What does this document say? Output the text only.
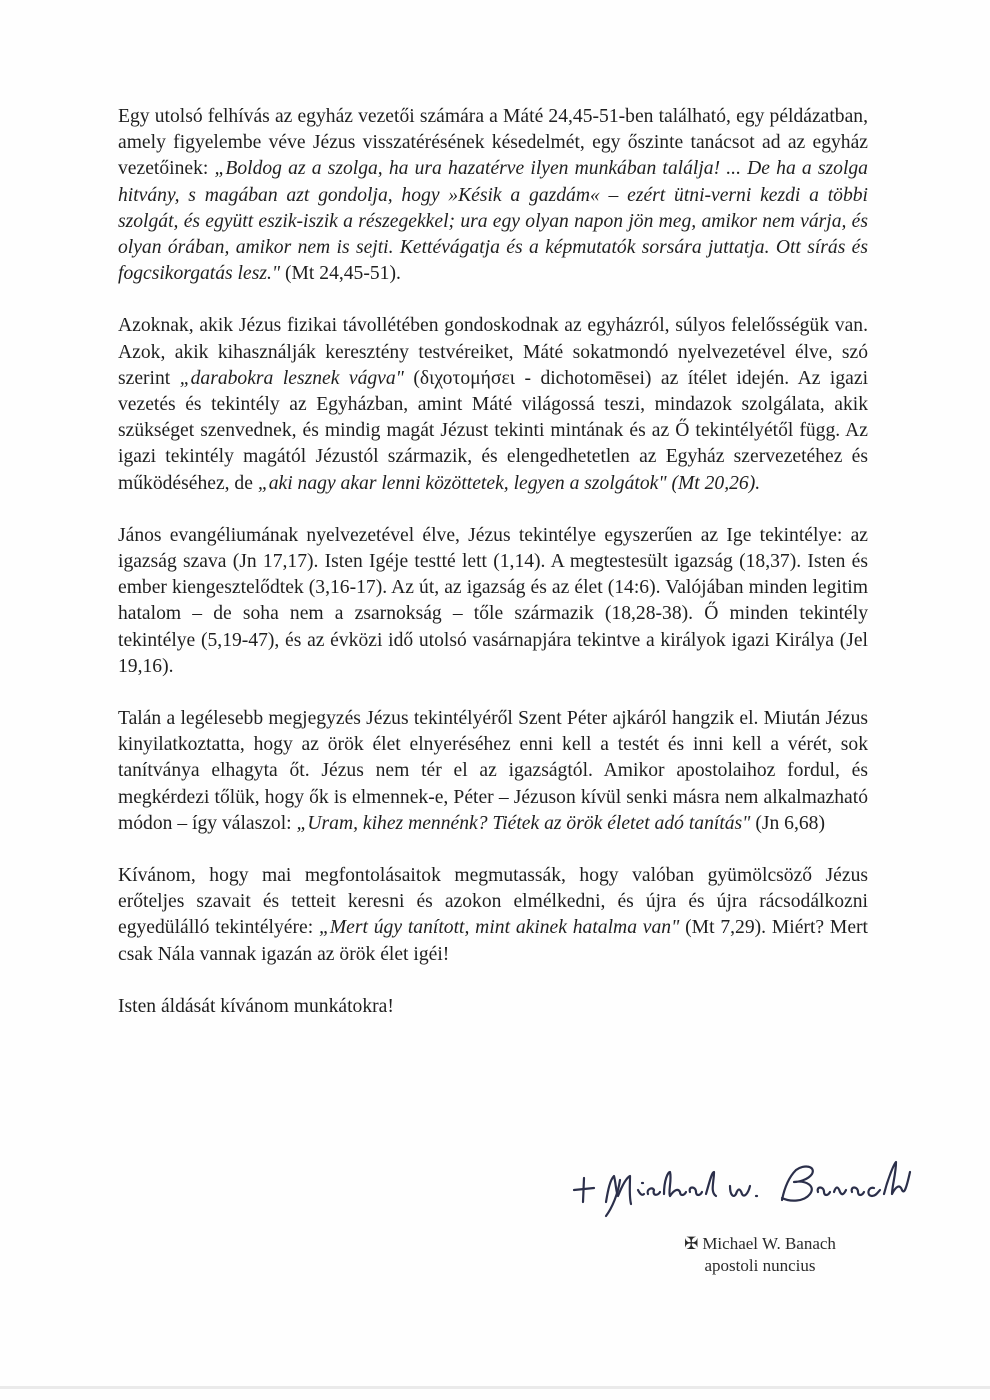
Egy utolsó felhívás az egyház vezetői számára a Máté 24,45-51-ben található, egy példázatban, amely figyelembe véve Jézus visszatérésének késedelmét, egy őszinte tanácsot ad az egyház vezetőinek: „Boldog az a szolga, ha ura hazatérve ilyen munkában találja! ... De ha a szolga hitvány, s magában azt gondolja, hogy »Késik a gazdám« – ezért ütni-verni kezdi a többi szolgát, és együtt eszik-iszik a részegekkel; ura egy olyan napon jön meg, amikor nem várja, és olyan órában, amikor nem is sejti. Kettévágatja és a képmutatók sorsára juttatja. Ott sírás és fogcsikorgatás lesz." (Mt 24,45-51).

Azoknak, akik Jézus fizikai távollétében gondoskodnak az egyházról, súlyos felelősségük van. Azok, akik kihasználják keresztény testvéreiket, Máté sokatmondó nyelvezetével élve, szó szerint „darabokra lesznek vágva" (διχοτομήσει - dichotomēsei) az ítélet idején. Az igazi vezetés és tekintély az Egyházban, amint Máté világossá teszi, mindazok szolgálata, akik szükséget szenvednek, és mindig magát Jézust tekinti mintának és az Ő tekintélyétől függ. Az igazi tekintély magától Jézustól származik, és elengedhetetlen az Egyház szervezetéhez és működéséhez, de „aki nagy akar lenni közöttetek, legyen a szolgátok" (Mt 20,26).

János evangéliumának nyelvezetével élve, Jézus tekintélye egyszerűen az Ige tekintélye: az igazság szava (Jn 17,17). Isten Igéje testté lett (1,14). A megtestesült igazság (18,37). Isten és ember kiengesztelődtek (3,16-17). Az út, az igazság és az élet (14:6). Valójában minden legitim hatalom – de soha nem a zsarnokság – tőle származik (18,28-38). Ő minden tekintély tekintélye (5,19-47), és az évközi idő utolsó vasárnapjára tekintve a királyok igazi Királya (Jel 19,16).

Talán a legélesebb megjegyzés Jézus tekintélyéről Szent Péter ajkáról hangzik el. Miután Jézus kinyilatkoztatta, hogy az örök élet elnyeréséhez enni kell a testét és inni kell a vérét, sok tanítványa elhagyta őt. Jézus nem tér el az igazságtól. Amikor apostolaihoz fordul, és megkérdezi tőlük, hogy ők is elmennek-e, Péter – Jézuson kívül senki másra nem alkalmazható módon – így válaszol: „Uram, kihez mennénk? Tiétek az örök életet adó tanítás" (Jn 6,68)

Kívánom, hogy mai megfontolásaitok megmutassák, hogy valóban gyümölcsöző Jézus erőteljes szavait és tetteit keresni és azokon elmélkedni, és újra és újra rácsodálkozni egyedülálló tekintélyére: „Mert úgy tanított, mint akinek hatalma van" (Mt 7,29). Miért? Mert csak Nála vannak igazán az örök élet igéi!

Isten áldását kívánom munkátokra!

✠ Michael W. Banach
apostoli nuncius
